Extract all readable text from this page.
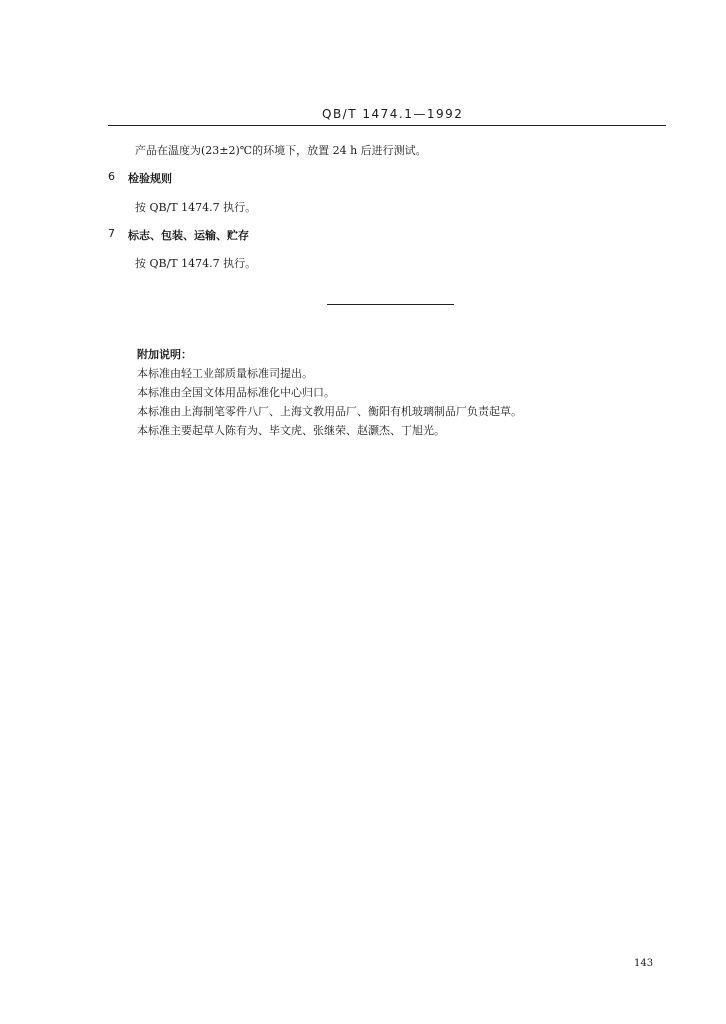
QB/T 1474.1—1992
产品在温度为(23±2)℃的环境下，放置 24 h 后进行测试。
6 检验规则
按 QB/T 1474.7 执行。
7 标志、包装、运输、贮存
按 QB/T 1474.7 执行。
附加说明：
本标准由轻工业部质量标准司提出。
本标准由全国文体用品标准化中心归口。
本标准由上海制笔零件八厂、上海文教用品厂、衡阳有机玻璃制品厂负责起草。
本标准主要起草人陈有为、毕文虎、张继荣、赵灏杰、丁旭光。
143
